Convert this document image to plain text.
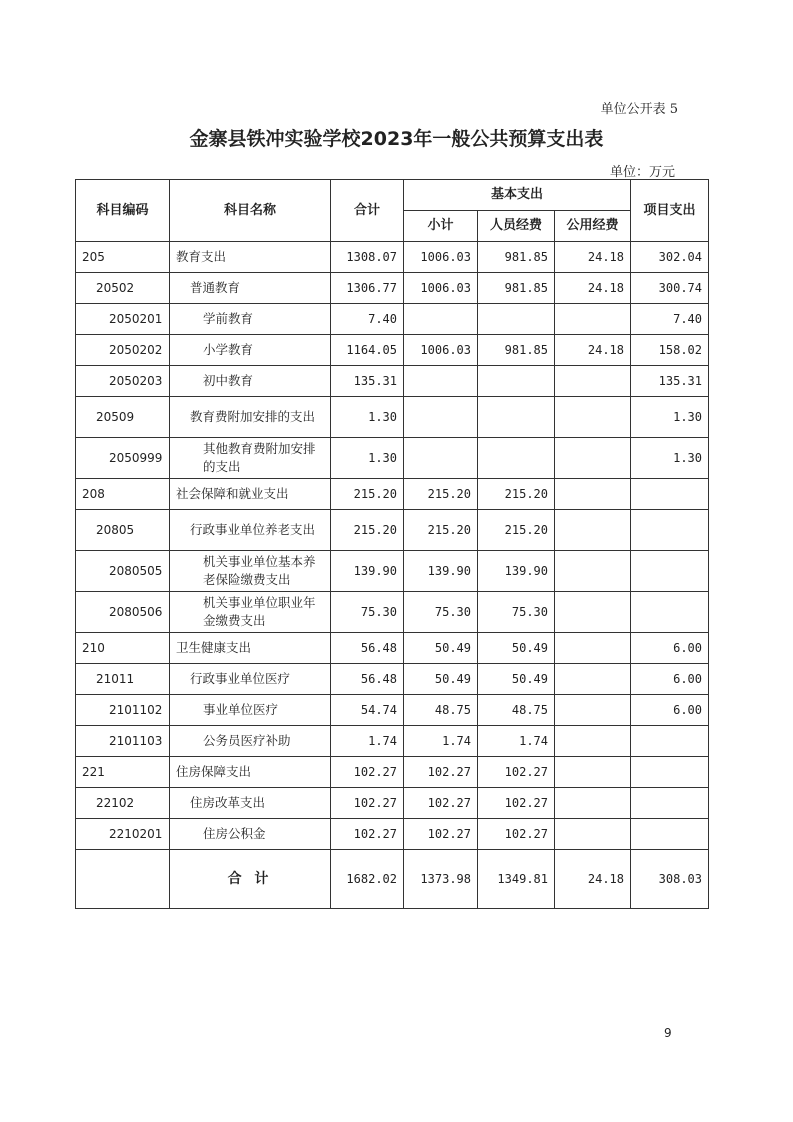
单位公开表 5
金寨县铁冲实验学校2023年一般公共预算支出表
单位：万元
科目编码	科目名称	合计	基本支出			项目支出
			小计	人员经费	公用经费	
205	教育支出	1308.07	1006.03	981.85	24.18	302.04
20502	普通教育	1306.77	1006.03	981.85	24.18	300.74
2050201	学前教育	7.40				7.40
2050202	小学教育	1164.05	1006.03	981.85	24.18	158.02
2050203	初中教育	135.31				135.31
20509	教育费附加安排的支出	1.30				1.30
2050999	其他教育费附加安排的支出	1.30				1.30
208	社会保障和就业支出	215.20	215.20	215.20		
20805	行政事业单位养老支出	215.20	215.20	215.20		
2080505	机关事业单位基本养老保险缴费支出	139.90	139.90	139.90		
2080506	机关事业单位职业年金缴费支出	75.30	75.30	75.30		
210	卫生健康支出	56.48	50.49	50.49		6.00
21011	行政事业单位医疗	56.48	50.49	50.49		6.00
2101102	事业单位医疗	54.74	48.75	48.75		6.00
2101103	公务员医疗补助	1.74	1.74	1.74		
221	住房保障支出	102.27	102.27	102.27		
22102	住房改革支出	102.27	102.27	102.27		
2210201	住房公积金	102.27	102.27	102.27		
	合 计	1682.02	1373.98	1349.81	24.18	308.03
9
